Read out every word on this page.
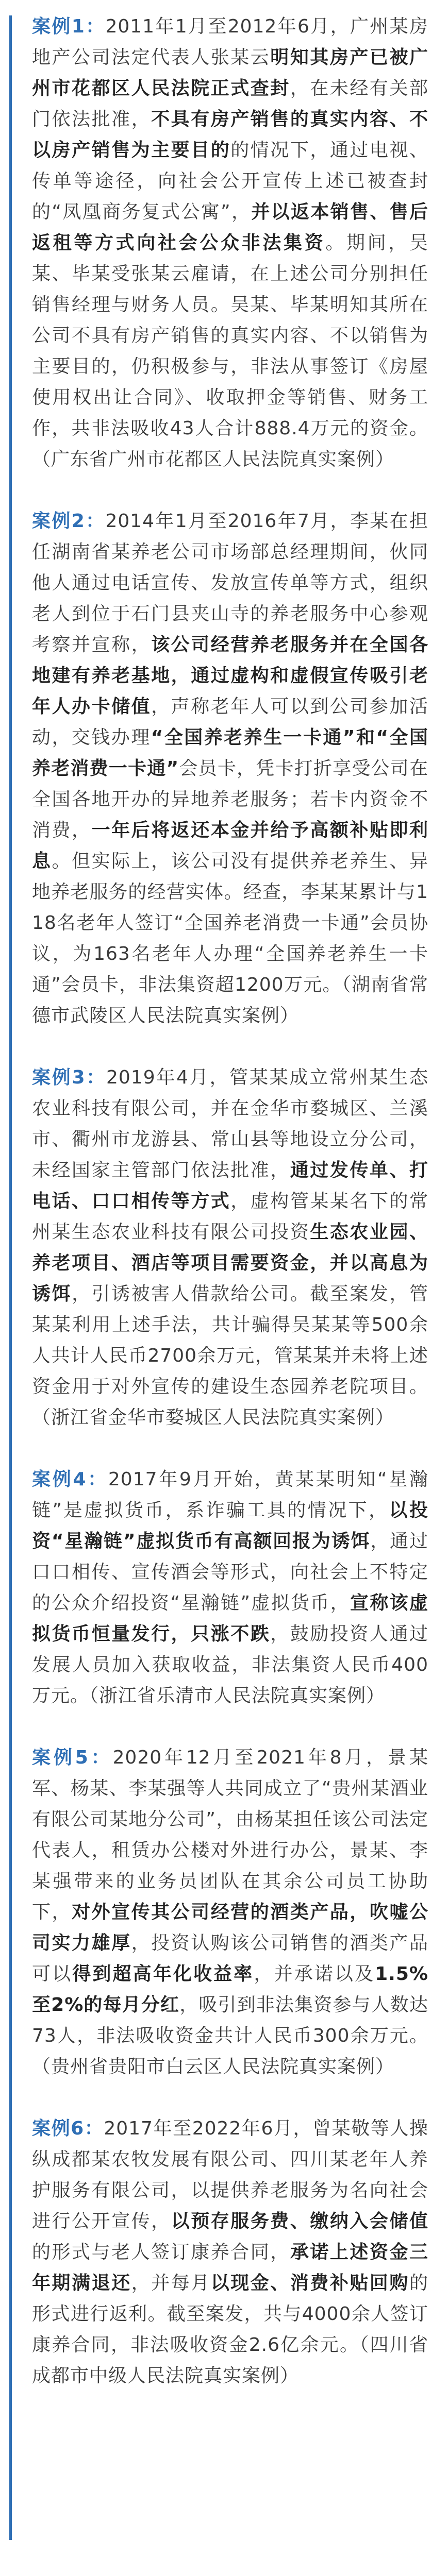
案例1：2011年1月至2012年6月，广州某房地产公司法定代表人张某云明知其房产已被广州市花都区人民法院正式查封，在未经有关部门依法批准，不具有房产销售的真实内容、不以房产销售为主要目的的情况下，通过电视、传单等途径，向社会公开宣传上述已被查封的“凤凰商务复式公寓”，并以返本销售、售后返租等方式向社会公众非法集资。期间，吴某、毕某受张某云雇请，在上述公司分别担任销售经理与财务人员。吴某、毕某明知其所在公司不具有房产销售的真实内容、不以销售为主要目的，仍积极参与，非法从事签订《房屋使用权出让合同》、收取押金等销售、财务工作，共非法吸收43人合计888.4万元的资金。（广东省广州市花都区人民法院真实案例）

案例2：2014年1月至2016年7月，李某在担任湖南省某养老公司市场部总经理期间，伙同他人通过电话宣传、发放宣传单等方式，组织老人到位于石门县夹山寺的养老服务中心参观考察并宣称，该公司经营养老服务并在全国各地建有养老基地，通过虚构和虚假宣传吸引老年人办卡储值，声称老年人可以到公司参加活动，交钱办理“全国养老养生一卡通”和“全国养老消费一卡通”会员卡，凭卡打折享受公司在全国各地开办的异地养老服务；若卡内资金不消费，一年后将返还本金并给予高额补贴即利息。但实际上，该公司没有提供养老养生、异地养老服务的经营实体。经查，李某某累计与118名老年人签订“全国养老消费一卡通”会员协议，为163名老年人办理“全国养老养生一卡通”会员卡，非法集资超1200万元。（湖南省常德市武陵区人民法院真实案例）

案例3：2019年4月，管某某成立常州某生态农业科技有限公司，并在金华市婺城区、兰溪市、衢州市龙游县、常山县等地设立分公司，未经国家主管部门依法批准，通过发传单、打电话、口口相传等方式，虚构管某某名下的常州某生态农业科技有限公司投资生态农业园、养老项目、酒店等项目需要资金，并以高息为诱饵，引诱被害人借款给公司。截至案发，管某某利用上述手法，共计骗得吴某某等500余人共计人民币2700余万元，管某某并未将上述资金用于对外宣传的建设生态园养老院项目。（浙江省金华市婺城区人民法院真实案例）

案例4：2017年9月开始，黄某某明知“星瀚链”是虚拟货币，系诈骗工具的情况下，以投资“星瀚链”虚拟货币有高额回报为诱饵，通过口口相传、宣传酒会等形式，向社会上不特定的公众介绍投资“星瀚链”虚拟货币，宣称该虚拟货币恒量发行，只涨不跌，鼓励投资人通过发展人员加入获取收益，非法集资人民币400万元。（浙江省乐清市人民法院真实案例）

案例5：2020年12月至2021年8月，景某军、杨某、李某强等人共同成立了“贵州某酒业有限公司某地分公司”，由杨某担任该公司法定代表人，租赁办公楼对外进行办公，景某、李某强带来的业务员团队在其余公司员工协助下，对外宣传其公司经营的酒类产品，吹嘘公司实力雄厚，投资认购该公司销售的酒类产品可以得到超高年化收益率，并承诺以及1.5%至2%的每月分红，吸引到非法集资参与人数达73人，非法吸收资金共计人民币300余万元。（贵州省贵阳市白云区人民法院真实案例）

案例6：2017年至2022年6月，曾某敬等人操纵成都某农牧发展有限公司、四川某老年人养护服务有限公司，以提供养老服务为名向社会进行公开宣传，以预存服务费、缴纳入会储值的形式与老人签订康养合同，承诺上述资金三年期满退还，并每月以现金、消费补贴回购的形式进行返利。截至案发，共与4000余人签订康养合同，非法吸收资金2.6亿余元。（四川省成都市中级人民法院真实案例）
